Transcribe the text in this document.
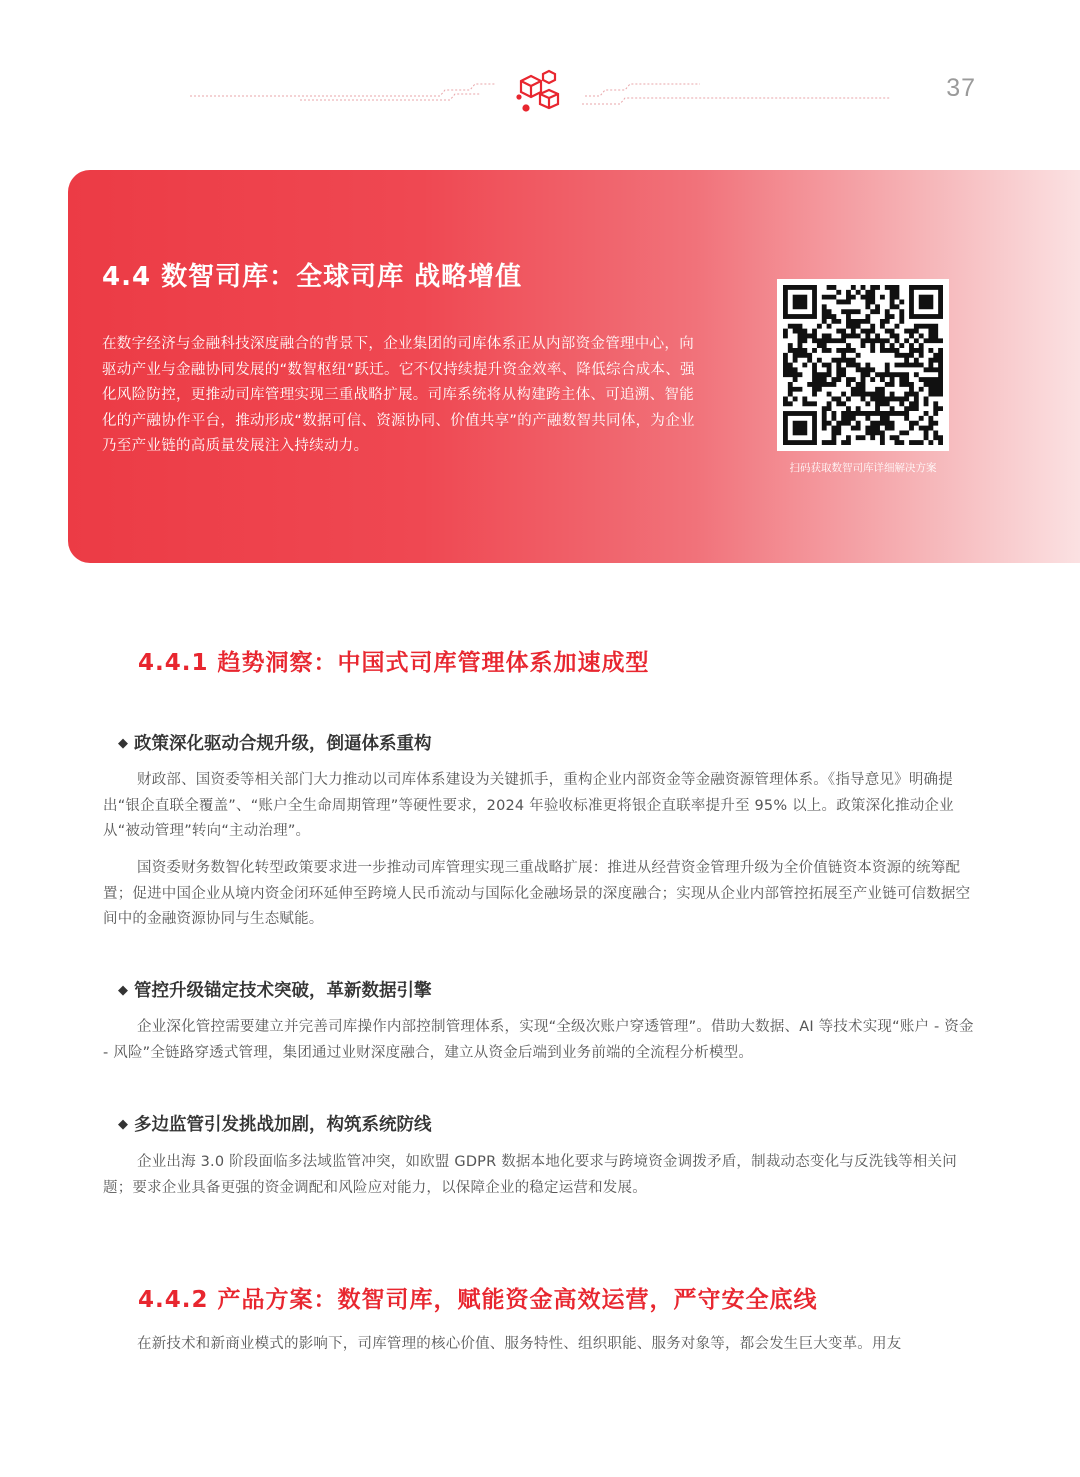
37
4.4 数智司库：全球司库 战略增值
在数字经济与金融科技深度融合的背景下，企业集团的司库体系正从内部资金管理中心，向驱动产业与金融协同发展的“数智枢纽”跃迁。它不仅持续提升资金效率、降低综合成本、强化风险防控，更推动司库管理实现三重战略扩展。司库系统将从构建跨主体、可追溯、智能化的产融协作平台，推动形成“数据可信、资源协同、价值共享”的产融数智共同体，为企业乃至产业链的高质量发展注入持续动力。
扫码获取数智司库详细解决方案
4.4.1 趋势洞察：中国式司库管理体系加速成型
◆ 政策深化驱动合规升级，倒逼体系重构
财政部、国资委等相关部门大力推动以司库体系建设为关键抓手，重构企业内部资金等金融资源管理体系。《指导意见》明确提出“银企直联全覆盖”、“账户全生命周期管理”等硬性要求，2024 年验收标准更将银企直联率提升至 95% 以上。政策深化推动企业从“被动管理”转向“主动治理”。
国资委财务数智化转型政策要求进一步推动司库管理实现三重战略扩展：推进从经营资金管理升级为全价值链资本资源的统筹配置；促进中国企业从境内资金闭环延伸至跨境人民币流动与国际化金融场景的深度融合；实现从企业内部管控拓展至产业链可信数据空间中的金融资源协同与生态赋能。
◆ 管控升级锚定技术突破，革新数据引擎
企业深化管控需要建立并完善司库操作内部控制管理体系，实现“全级次账户穿透管理”。借助大数据、AI 等技术实现“账户 - 资金 - 风险”全链路穿透式管理，集团通过业财深度融合，建立从资金后端到业务前端的全流程分析模型。
◆ 多边监管引发挑战加剧，构筑系统防线
企业出海 3.0 阶段面临多法域监管冲突，如欧盟 GDPR 数据本地化要求与跨境资金调拨矛盾，制裁动态变化与反洗钱等相关问题；要求企业具备更强的资金调配和风险应对能力，以保障企业的稳定运营和发展。
4.4.2 产品方案：数智司库，赋能资金高效运营，严守安全底线
在新技术和新商业模式的影响下，司库管理的核心价值、服务特性、组织职能、服务对象等，都会发生巨大变革。用友
